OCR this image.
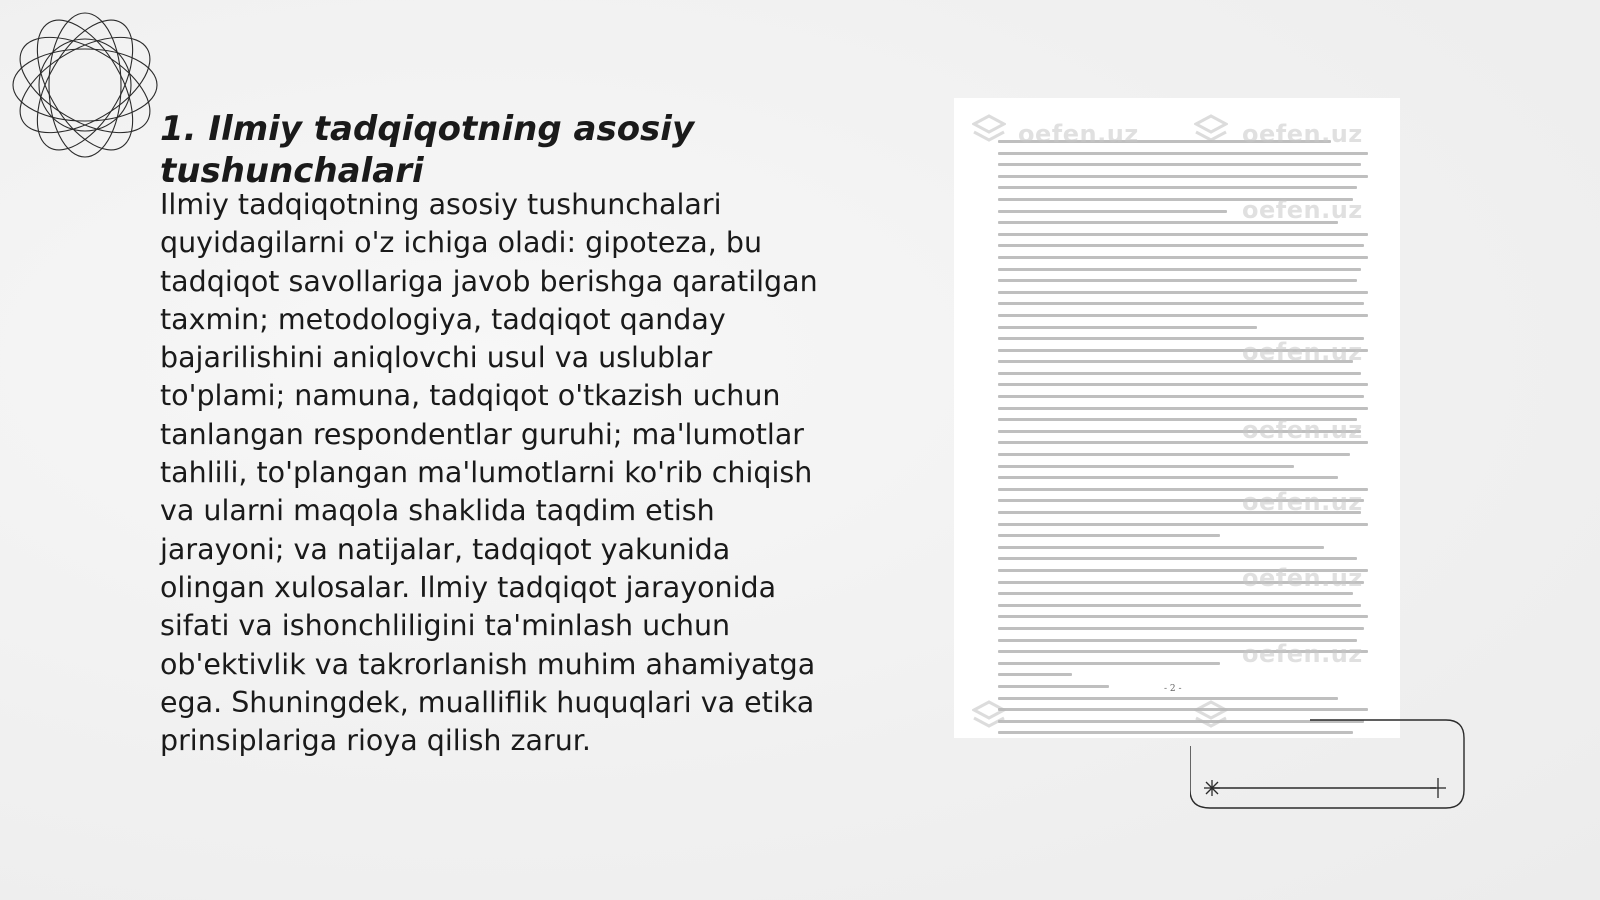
1. Ilmiy tadqiqotning asosiy tushunchalari

Ilmiy tadqiqotning asosiy tushunchalari quyidagilarni o'z ichiga oladi: gipoteza, bu tadqiqot savollariga javob berishga qaratilgan taxmin; metodologiya, tadqiqot qanday bajarilishini aniqlovchi usul va uslublar to'plami; namuna, tadqiqot o'tkazish uchun tanlangan respondentlar guruhi; ma'lumotlar tahlili, to'plangan ma'lumotlarni ko'rib chiqish va ularni maqola shaklida taqdim etish jarayoni; va natijalar, tadqiqot yakunida olingan xulosalar. Ilmiy tadqiqot jarayonida sifati va ishonchliligini ta'minlash uchun ob'ektivlik va takrorlanish muhim ahamiyatga ega. Shuningdek, mualliflik huquqlari va etika prinsiplariga rioya qilish zarur.

oefen.uz	oefen.uz
oefen.uz
oefen.uz
oefen.uz
oefen.uz
oefen.uz
oefen.uz
- 2 -
